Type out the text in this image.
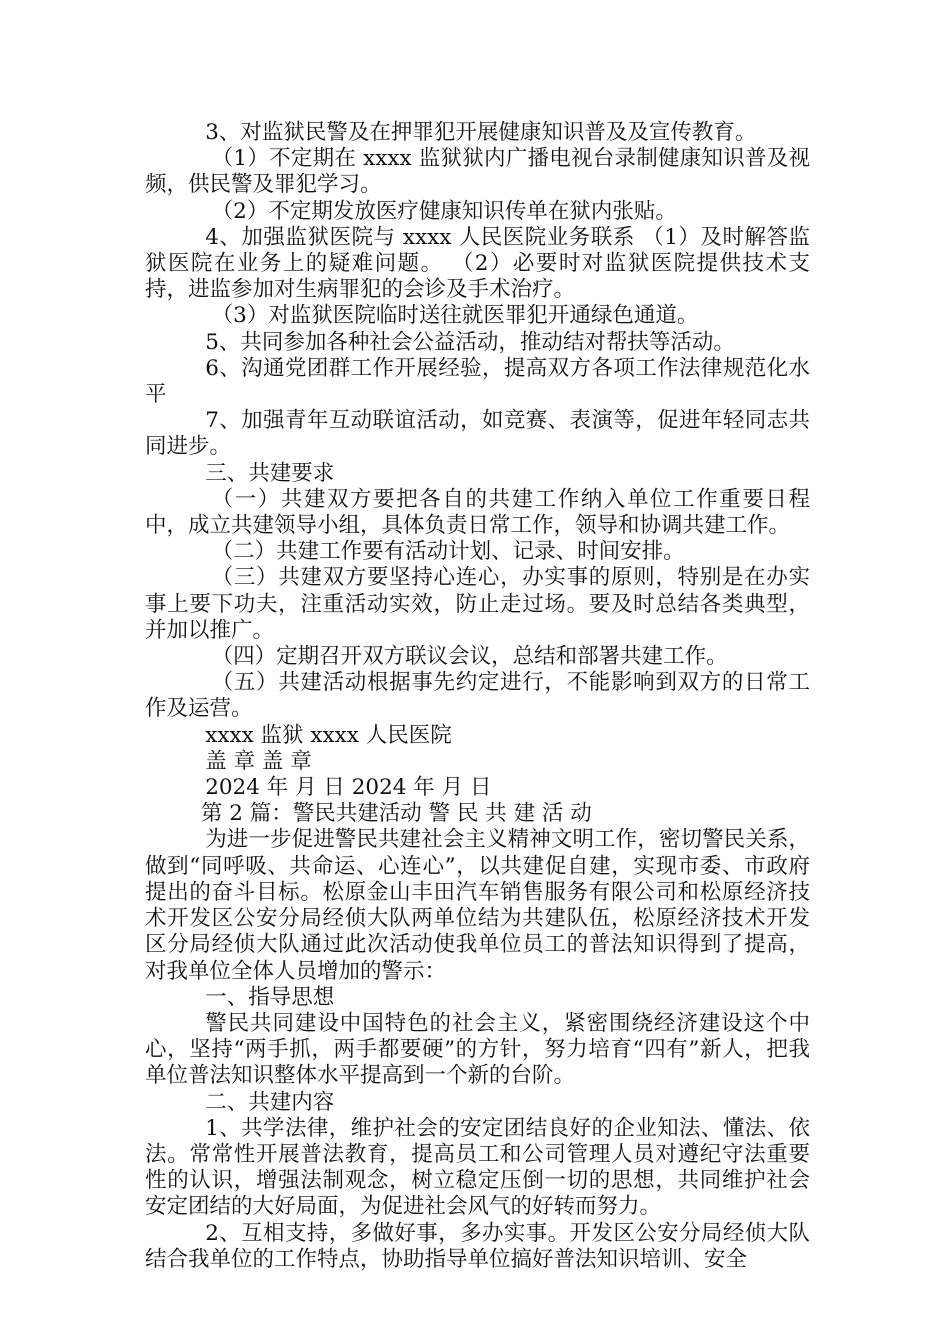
3、对监狱民警及在押罪犯开展健康知识普及及宣传教育。

（1）不定期在 xxxx 监狱狱内广播电视台录制健康知识普及视频，供民警及罪犯学习。

（2）不定期发放医疗健康知识传单在狱内张贴。

4、加强监狱医院与 xxxx 人民医院业务联系 （1）及时解答监狱医院在业务上的疑难问题。 （2）必要时对监狱医院提供技术支持，进监参加对生病罪犯的会诊及手术治疗。

（3）对监狱医院临时送往就医罪犯开通绿色通道。

5、共同参加各种社会公益活动，推动结对帮扶等活动。

6、沟通党团群工作开展经验，提高双方各项工作法律规范化水平

7、加强青年互动联谊活动，如竞赛、表演等，促进年轻同志共同进步。

三、共建要求

（一）共建双方要把各自的共建工作纳入单位工作重要日程中，成立共建领导小组，具体负责日常工作，领导和协调共建工作。

（二）共建工作要有活动计划、记录、时间安排。

（三）共建双方要坚持心连心，办实事的原则，特别是在办实事上要下功夫，注重活动实效，防止走过场。要及时总结各类典型，并加以推广。

（四）定期召开双方联议会议，总结和部署共建工作。

（五）共建活动根据事先约定进行，不能影响到双方的日常工作及运营。

xxxx 监狱 xxxx 人民医院

盖 章 盖 章

2024 年 月 日 2024 年 月 日

第 2 篇：警民共建活动 警 民 共 建 活 动

为进一步促进警民共建社会主义精神文明工作，密切警民关系，做到“同呼吸、共命运、心连心”，以共建促自建，实现市委、市政府提出的奋斗目标。松原金山丰田汽车销售服务有限公司和松原经济技术开发区公安分局经侦大队两单位结为共建队伍，松原经济技术开发区分局经侦大队通过此次活动使我单位员工的普法知识得到了提高，对我单位全体人员增加的警示：

一、指导思想

警民共同建设中国特色的社会主义，紧密围绕经济建设这个中心，坚持“两手抓，两手都要硬”的方针，努力培育“四有”新人，把我单位普法知识整体水平提高到一个新的台阶。

二、共建内容

1、共学法律，维护社会的安定团结良好的企业知法、懂法、依法。常常性开展普法教育，提高员工和公司管理人员对遵纪守法重要性的认识，增强法制观念，树立稳定压倒一切的思想，共同维护社会安定团结的大好局面，为促进社会风气的好转而努力。

2、互相支持，多做好事，多办实事。开发区公安分局经侦大队结合我单位的工作特点，协助指导单位搞好普法知识培训、安全
